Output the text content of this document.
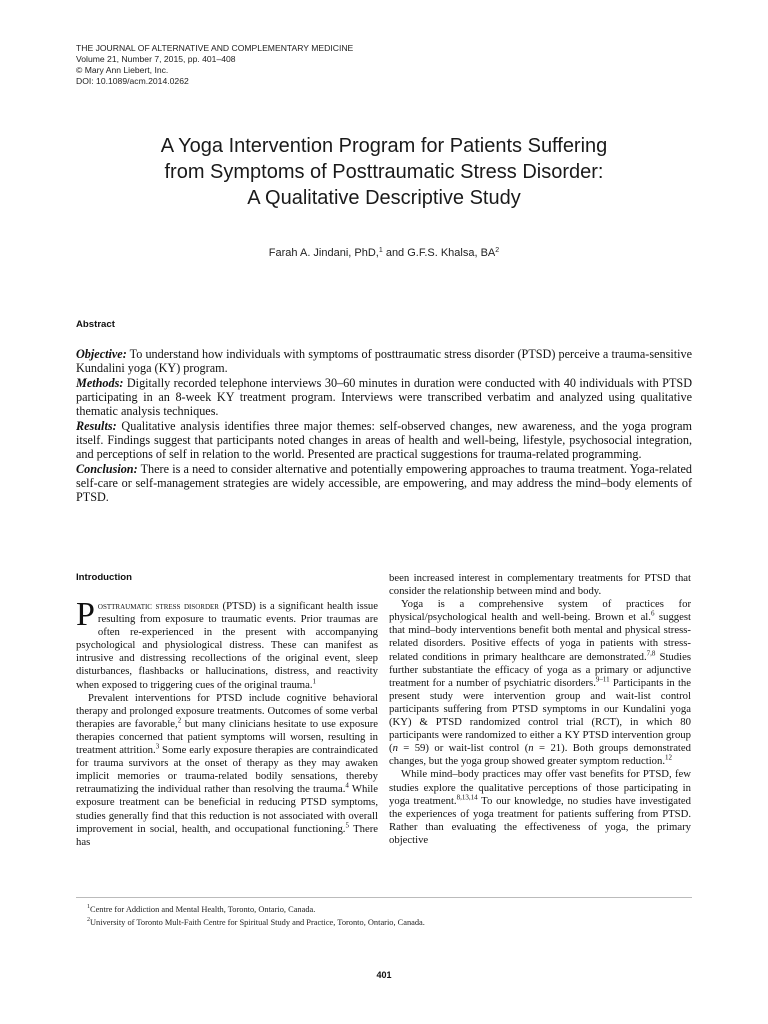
THE JOURNAL OF ALTERNATIVE AND COMPLEMENTARY MEDICINE
Volume 21, Number 7, 2015, pp. 401–408
© Mary Ann Liebert, Inc.
DOI: 10.1089/acm.2014.0262
A Yoga Intervention Program for Patients Suffering
from Symptoms of Posttraumatic Stress Disorder:
A Qualitative Descriptive Study
Farah A. Jindani, PhD,$^1$ and G.F.S. Khalsa, $BA^2$
Abstract

Objective: To understand how individuals with symptoms of posttraumatic stress disorder (PTSD) perceive a trauma-sensitive Kundalini yoga (KY) program.

Methods: Digitally recorded telephone interviews 30–60 minutes in duration were conducted with 40 individuals with PTSD participating in an 8-week KY treatment program. Interviews were transcribed verbatim and analyzed using qualitative thematic analysis techniques.

Results: Qualitative analysis identifies three major themes: self-observed changes, new awareness, and the yoga program itself. Findings suggest that participants noted changes in areas of health and well-being, lifestyle, psychosocial integration, and perceptions of self in relation to the world. Presented are practical suggestions for trauma-related programming.

Conclusion: There is a need to consider alternative and potentially empowering approaches to trauma treatment. Yoga-related self-care or self-management strategies are widely accessible, are empowering, and may address the mind–body elements of PTSD.

Introduction

Posttraumatic stress disorder (PTSD) is a significant health issue resulting from exposure to traumatic events. Prior traumas are often re-experienced in the present with accompanying psychological and physiological distress. These can manifest as intrusive and distressing recollections of the original event, sleep disturbances, flashbacks or hallucinations, distress, and reactivity when exposed to triggering cues of the original trauma.$^1$

Prevalent interventions for PTSD include cognitive behavioral therapy and prolonged exposure treatments. Outcomes of some verbal therapies are favorable,$^2$ but many clinicians hesitate to use exposure therapies concerned that patient symptoms will worsen, resulting in treatment attrition.$^3$ Some early exposure therapies are contraindicated for trauma survivors at the onset of therapy as they may awaken implicit memories or trauma-related bodily sensations, thereby retraumatizing the individual rather than resolving the trauma.$^4$ While exposure treatment can be beneficial in reducing PTSD symptoms, studies generally find that this reduction is not associated with overall improvement in social, health, and occupational functioning.$^5$ There has

been increased interest in complementary treatments for PTSD that consider the relationship between mind and body.

Yoga is a comprehensive system of practices for physical/psychological health and well-being. Brown et al.$^6$ suggest that mind–body interventions benefit both mental and physical stress-related disorders. Positive effects of yoga in patients with stress-related conditions in primary healthcare are demonstrated.$^{7,8}$ Studies further substantiate the efficacy of yoga as a primary or adjunctive treatment for a number of psychiatric disorders.$^{9-11}$ Participants in the present study were intervention group and wait-list control participants suffering from PTSD symptoms in our Kundalini yoga (KY) & PTSD randomized control trial (RCT), in which 80 participants were randomized to either a KY PTSD intervention group (n = 59) or wait-list control (n = 21). Both groups demonstrated changes, but the yoga group showed greater symptom reduction.$^{12}$

While mind–body practices may offer vast benefits for PTSD, few studies explore the qualitative perceptions of those participating in yoga treatment.$^{8,13,14}$ To our knowledge, no studies have investigated the experiences of yoga treatment for patients suffering from PTSD. Rather than evaluating the effectiveness of yoga, the primary objective

$^1$Centre for Addiction and Mental Health, Toronto, Ontario, Canada.
$^2$University of Toronto Mult-Faith Centre for Spiritual Study and Practice, Toronto, Ontario, Canada.
401
